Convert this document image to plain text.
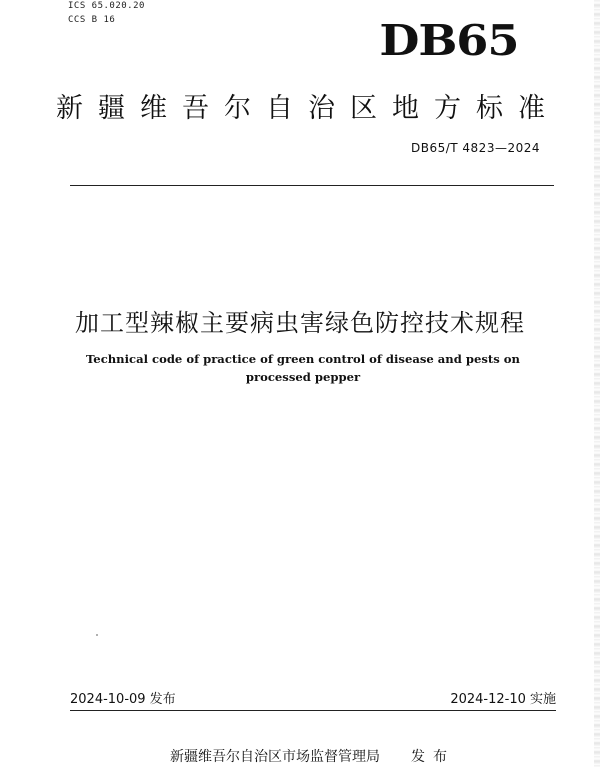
ICS 65.020.20
CCS B 16	DB65
新疆维吾尔自治区地方标准
DB65/T 4823—2024
加工型辣椒主要病虫害绿色防控技术规程
Technical code of practice of green control of disease and pests on processed pepper
2024-10-09 发布	2024-12-10 实施
新疆维吾尔自治区市场监督管理局 发布
